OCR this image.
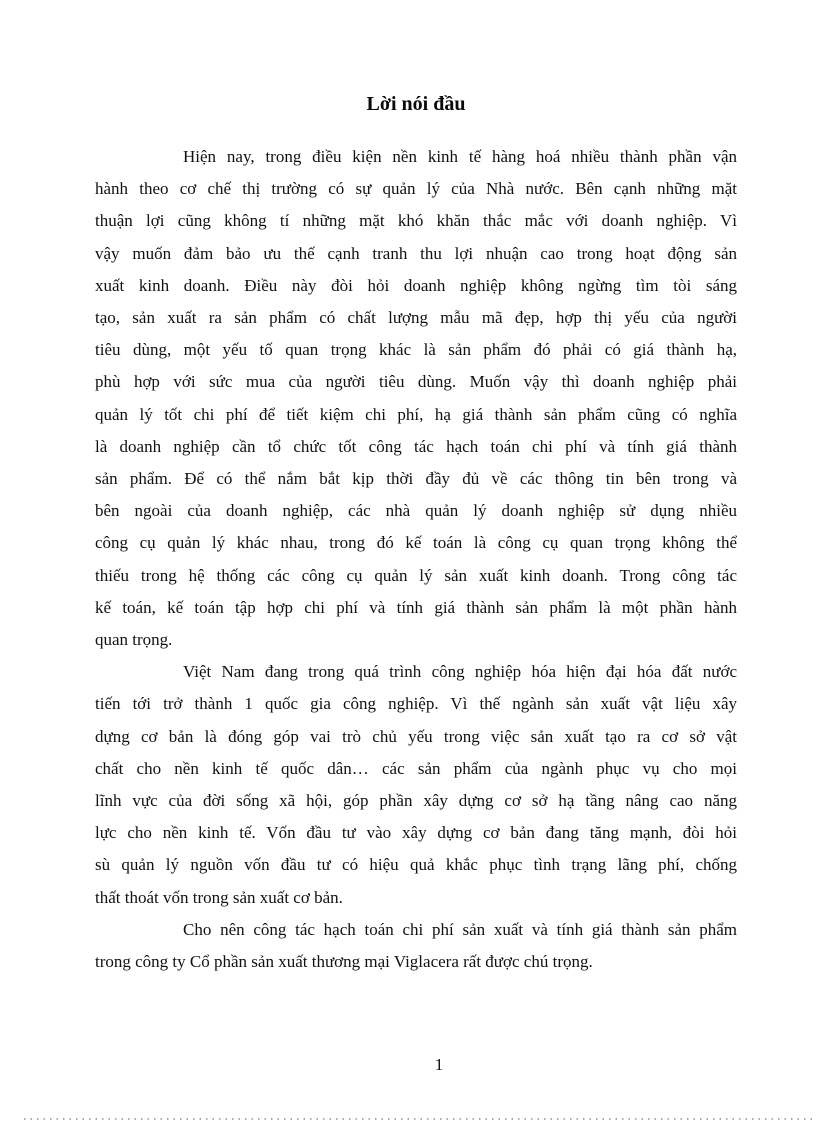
Lời nói đầu
Hiện nay, trong điều kiện nền kinh tế hàng hoá nhiều thành phần vận
hành theo cơ chế thị trường có sự quản lý của Nhà nước. Bên cạnh những mặt
thuận lợi cũng không tí những mặt khó khăn thắc mắc với doanh nghiệp. Vì
vậy muốn đảm bảo ưu thế cạnh tranh thu lợi nhuận cao trong hoạt động sản
xuất kinh doanh. Điều này đòi hỏi doanh nghiệp không ngừng tìm tòi sáng
tạo, sản xuất ra sản phẩm có chất lượng mẫu mã đẹp, hợp thị yếu của người
tiêu dùng, một yếu tố quan trọng khác là sản phẩm đó phải có giá thành hạ,
phù hợp với sức mua của người tiêu dùng. Muốn vậy thì doanh nghiệp phải
quản lý tốt chi phí để tiết kiệm chi phí, hạ giá thành sản phẩm cũng có nghĩa
là doanh nghiệp cần tổ chức tốt công tác hạch toán chi phí và tính giá thành
sản phẩm. Để có thể nắm bắt kịp thời đầy đủ về các thông tin bên trong và
bên ngoài của doanh nghiệp, các nhà quản lý doanh nghiệp sử dụng nhiều
công cụ quản lý khác nhau, trong đó kế toán là công cụ quan trọng không thể
thiếu trong hệ thống các công cụ quản lý sản xuất kinh doanh. Trong công tác
kế toán, kế toán tập hợp chi phí và tính giá thành sản phẩm là một phần hành
quan trọng.
Việt Nam đang trong quá trình công nghiệp hóa hiện đại hóa đất nước
tiến tới trở thành 1 quốc gia công nghiệp. Vì thế ngành sản xuất vật liệu xây
dựng cơ bản là đóng góp vai trò chủ yếu trong việc sản xuất tạo ra cơ sở vật
chất cho nền kinh tế quốc dân… các sản phẩm của ngành phục vụ cho mọi
lĩnh vực của đời sống xã hội, góp phần xây dựng cơ sở hạ tầng nâng cao năng
lực cho nền kinh tế. Vốn đầu tư vào xây dựng cơ bản đang tăng mạnh, đòi hỏi
sù quản lý nguồn vốn đầu tư có hiệu quả khắc phục tình trạng lãng phí, chống
thất thoát vốn trong sản xuất cơ bản.
Cho nên công tác hạch toán chi phí sản xuất và tính giá thành sản phẩm
trong công ty Cổ phần sản xuất thương mại Viglacera rất được chú trọng.
1
